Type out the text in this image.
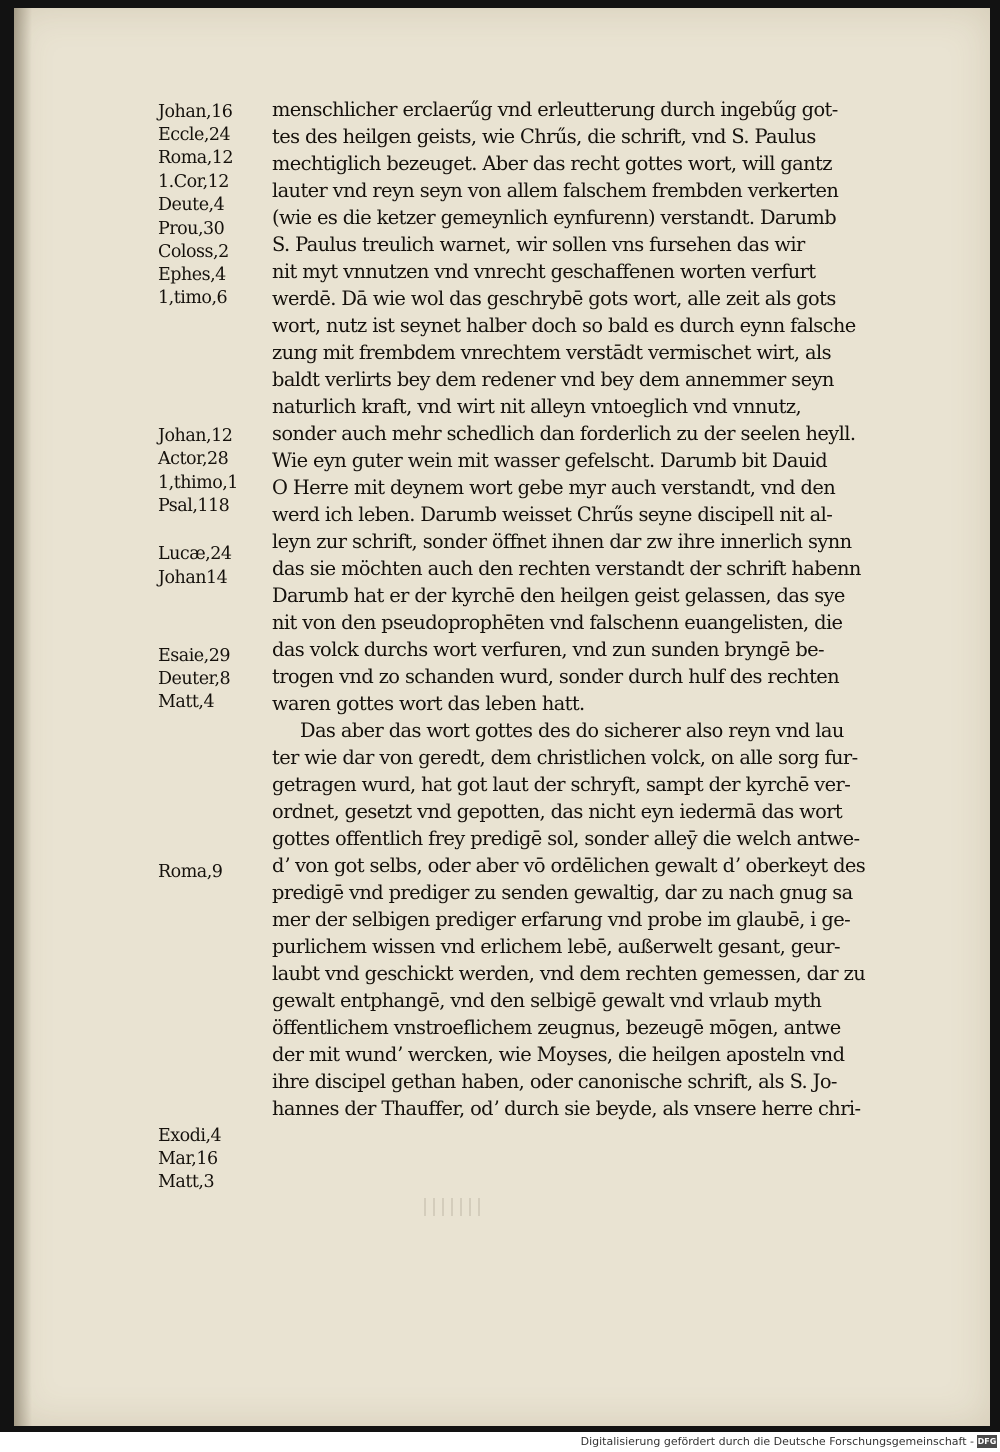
Johan,16
Eccle,24
Roma,12
1.Cor,12
Deute,4
Prou,30
Coloss,2
Ephes,4
1,timo,6
Johan,12
Actor,28
1,thimo,1
Psal,118
Lucæ,24
Johan14
Esaie,29
Deuter,8
Matt,4
Roma,9
Exodi,4
Mar,16
Matt,3
menschlicher erclaerűg vnd erleutterung durch ingebűg got-
tes des heilgen geists, wie Chrűs, die schrift, vnd S. Paulus
mechtiglich bezeuget. Aber das recht gottes wort, will gantz
lauter vnd reyn seyn von allem falschem frembden verkerten
(wie es die ketzer gemeynlich eynfurenn) verstandt. Darumb
S. Paulus treulich warnet, wir sollen vns fursehen das wir
nit myt vnnutzen vnd vnrecht geschaffenen worten verfurt
werdē. Dā wie wol das geschrybē gots wort, alle zeit als gots
wort, nutz ist seynet halber doch so bald es durch eynn falsche
zung mit frembdem vnrechtem verstādt vermischet wirt, als
baldt verlirts bey dem redener vnd bey dem annemmer seyn
naturlich kraft, vnd wirt nit alleyn vntoeglich vnd vnnutz,
sonder auch mehr schedlich dan forderlich zu der seelen heyll.
Wie eyn guter wein mit wasser gefelscht. Darumb bit Dauid
O Herre mit deynem wort gebe myr auch verstandt, vnd den
werd ich leben. Darumb weisset Chrűs seyne discipell nit al-
leyn zur schrift, sonder öffnet ihnen dar zw ihre innerlich synn
das sie möchten auch den rechten verstandt der schrift habenn
Darumb hat er der kyrchē den heilgen geist gelassen, das sye
nit von den pseudoprophēten vnd falschenn euangelisten, die
das volck durchs wort verfuren, vnd zun sunden bryngē be-
trogen vnd zo schanden wurd, sonder durch hulf des rechten
waren gottes wort das leben hatt.
Das aber das wort gottes des do sicherer also reyn vnd lau
ter wie dar von geredt, dem christlichen volck, on alle sorg fur-
getragen wurd, hat got laut der schryft, sampt der kyrchē ver-
ordnet, gesetzt vnd gepotten, das nicht eyn iedermā das wort
gottes offentlich frey predigē sol, sonder alleȳ die welch antwe-
dʼ von got selbs, oder aber vō ordēlichen gewalt dʼ oberkeyt des
predigē vnd prediger zu senden gewaltig, dar zu nach gnug sa
mer der selbigen prediger erfarung vnd probe im glaubē, i ge-
purlichem wissen vnd erlichem lebē, außerwelt gesant, geur-
laubt vnd geschickt werden, vnd dem rechten gemessen, dar zu
gewalt entphangē, vnd den selbigē gewalt vnd vrlaub myth
öffentlichem vnstroeflichem zeugnus, bezeugē mōgen, antwe
der mit wundʼ wercken, wie Moyses, die heilgen aposteln vnd
ihre discipel gethan haben, oder canonische schrift, als S. Jo-
hannes der Thauffer, odʼ durch sie beyde, als vnsere herre chri-
Digitalisierung gefördert durch die Deutsche Forschungsgemeinschaft - DFG
